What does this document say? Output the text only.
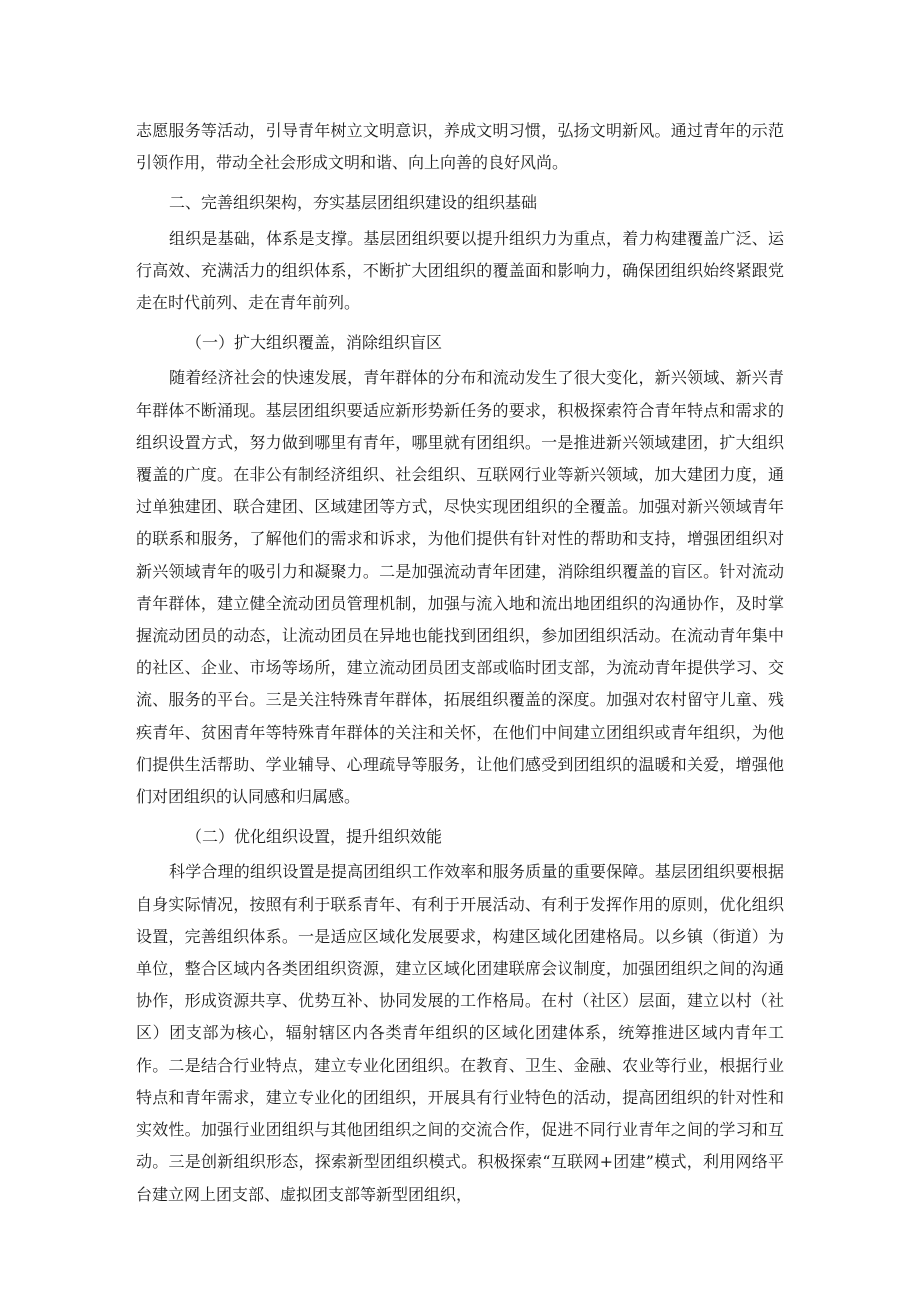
志愿服务等活动，引导青年树立文明意识，养成文明习惯，弘扬文明新风。通过青年的示范引领作用，带动全社会形成文明和谐、向上向善的良好风尚。

二、完善组织架构，夯实基层团组织建设的组织基础

组织是基础，体系是支撑。基层团组织要以提升组织力为重点，着力构建覆盖广泛、运行高效、充满活力的组织体系，不断扩大团组织的覆盖面和影响力，确保团组织始终紧跟党走在时代前列、走在青年前列。

（一）扩大组织覆盖，消除组织盲区

随着经济社会的快速发展，青年群体的分布和流动发生了很大变化，新兴领域、新兴青年群体不断涌现。基层团组织要适应新形势新任务的要求，积极探索符合青年特点和需求的组织设置方式，努力做到哪里有青年，哪里就有团组织。一是推进新兴领域建团，扩大组织覆盖的广度。在非公有制经济组织、社会组织、互联网行业等新兴领域，加大建团力度，通过单独建团、联合建团、区域建团等方式，尽快实现团组织的全覆盖。加强对新兴领域青年的联系和服务，了解他们的需求和诉求，为他们提供有针对性的帮助和支持，增强团组织对新兴领域青年的吸引力和凝聚力。二是加强流动青年团建，消除组织覆盖的盲区。针对流动青年群体，建立健全流动团员管理机制，加强与流入地和流出地团组织的沟通协作，及时掌握流动团员的动态，让流动团员在异地也能找到团组织，参加团组织活动。在流动青年集中的社区、企业、市场等场所，建立流动团员团支部或临时团支部，为流动青年提供学习、交流、服务的平台。三是关注特殊青年群体，拓展组织覆盖的深度。加强对农村留守儿童、残疾青年、贫困青年等特殊青年群体的关注和关怀，在他们中间建立团组织或青年组织，为他们提供生活帮助、学业辅导、心理疏导等服务，让他们感受到团组织的温暖和关爱，增强他们对团组织的认同感和归属感。

（二）优化组织设置，提升组织效能

科学合理的组织设置是提高团组织工作效率和服务质量的重要保障。基层团组织要根据自身实际情况，按照有利于联系青年、有利于开展活动、有利于发挥作用的原则，优化组织设置，完善组织体系。一是适应区域化发展要求，构建区域化团建格局。以乡镇（街道）为单位，整合区域内各类团组织资源，建立区域化团建联席会议制度，加强团组织之间的沟通协作，形成资源共享、优势互补、协同发展的工作格局。在村（社区）层面，建立以村（社区）团支部为核心，辐射辖区内各类青年组织的区域化团建体系，统筹推进区域内青年工作。二是结合行业特点，建立专业化团组织。在教育、卫生、金融、农业等行业，根据行业特点和青年需求，建立专业化的团组织，开展具有行业特色的活动，提高团组织的针对性和实效性。加强行业团组织与其他团组织之间的交流合作，促进不同行业青年之间的学习和互动。三是创新组织形态，探索新型团组织模式。积极探索“互联网+团建”模式，利用网络平台建立网上团支部、虚拟团支部等新型团组织，
